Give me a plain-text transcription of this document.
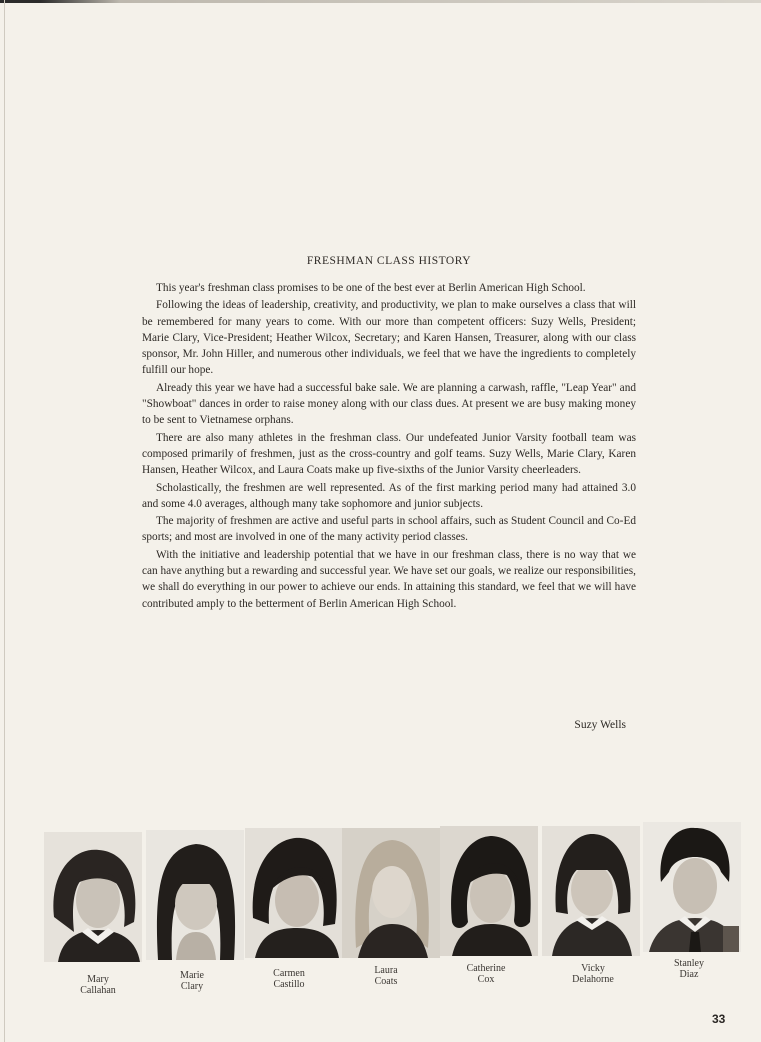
FRESHMAN CLASS HISTORY

This year's freshman class promises to be one of the best ever at Berlin American High School.

Following the ideas of leadership, creativity, and productivity, we plan to make ourselves a class that will be remembered for many years to come. With our more than competent officers: Suzy Wells, President; Marie Clary, Vice-President; Heather Wilcox, Secretary; and Karen Hansen, Treasurer, along with our class sponsor, Mr. John Hiller, and numerous other individuals, we feel that we have the ingredients to completely fulfill our hope.

Already this year we have had a successful bake sale. We are planning a carwash, raffle, "Leap Year" and "Showboat" dances in order to raise money along with our class dues. At present we are busy making money to be sent to Vietnamese orphans.

There are also many athletes in the freshman class. Our undefeated Junior Varsity football team was composed primarily of freshmen, just as the cross-country and golf teams. Suzy Wells, Marie Clary, Karen Hansen, Heather Wilcox, and Laura Coats make up five-sixths of the Junior Varsity cheerleaders.

Scholastically, the freshmen are well represented. As of the first marking period many had attained 3.0 and some 4.0 averages, although many take sophomore and junior subjects.

The majority of freshmen are active and useful parts in school affairs, such as Student Council and Co-Ed sports; and most are involved in one of the many activity period classes.

With the initiative and leadership potential that we have in our freshman class, there is no way that we can have anything but a rewarding and successful year. We have set our goals, we realize our responsibilities, we shall do everything in our power to achieve our ends. In attaining this standard, we feel that we will have contributed amply to the betterment of Berlin American High School.

Suzy Wells
Mary
Callahan
Marie
Clary
Carmen
Castillo
Laura
Coats
Catherine
Cox
Vicky
Delahorne
Stanley
Diaz
33
